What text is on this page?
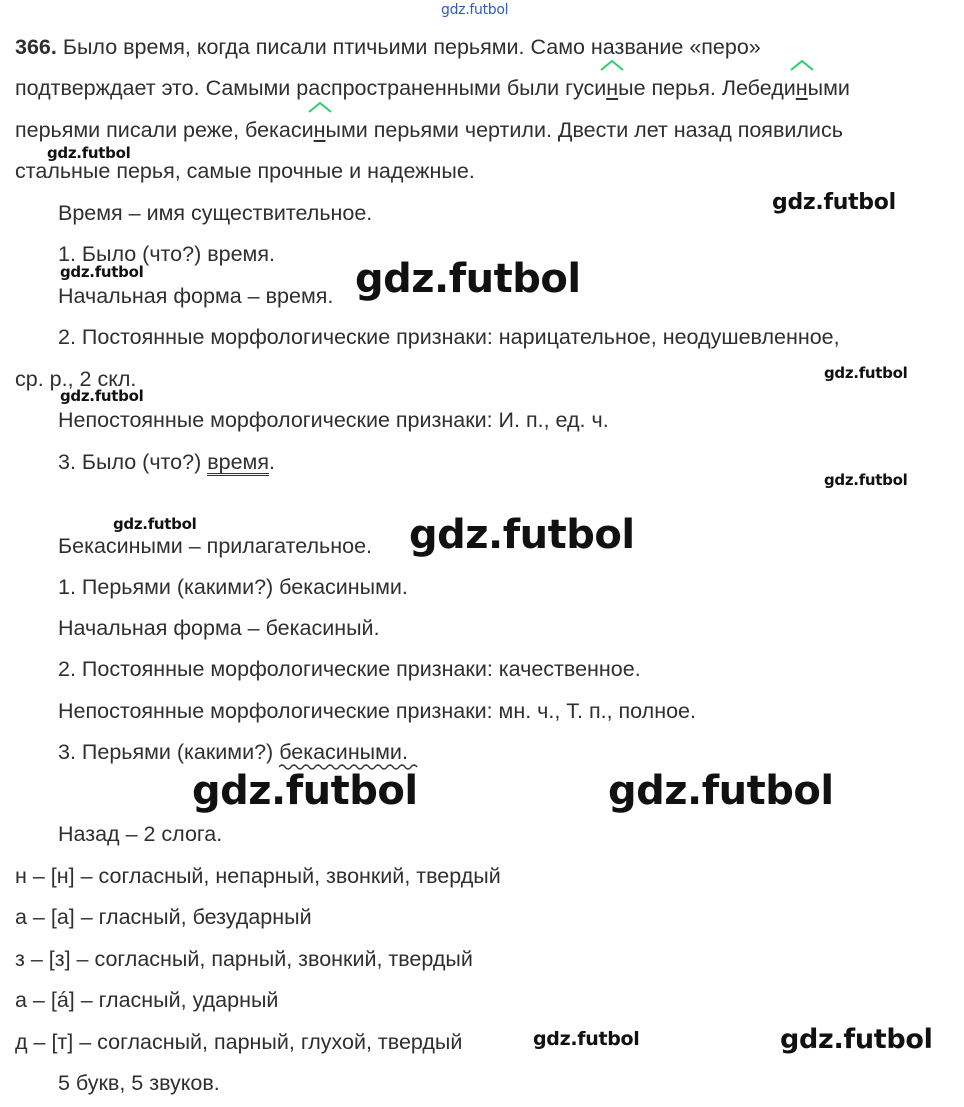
gdz.futbol
366. Было время, когда писали птичьими перьями. Само название «перо»
подтверждает это. Самыми распространенными были гуси
ные перья. Лебеди
ными
перьями писали реже, бекаси
ными перьями чертили. Двести лет назад появились
gdz.futbol
стальные перья, самые прочные и надежные.
Время – имя существительное.	gdz.futbol
1. Было (что?) время.
gdz.futbol
Начальная форма – время. gdz.futbol
2. Постоянные морфологические признаки: нарицательное, неодушевленное,
ср. р., 2 скл.	gdz.futbol
gdz.futbol
Непостоянные морфологические признаки: И. п., ед. ч.
3. Было (что?) время.
gdz.futbol
gdz.futbol
Бекасиными – прилагательное. gdz.futbol
1. Перьями (какими?) бекасиными.
Начальная форма – бекасиный.
2. Постоянные морфологические признаки: качественное.
Непостоянные морфологические признаки: мн. ч., Т. п., полное.
3. Перьями (какими?) бекасиными
.
gdz.futbol	gdz.futbol
Назад – 2 слога.
н – [н] – согласный, непарный, звонкий, твердый
а – [а] – гласный, безударный
з – [з] – согласный, парный, звонкий, твердый
а – [á] – гласный, ударный
д – [т] – согласный, парный, глухой, твердый	gdz.futbol	gdz.futbol
5 букв, 5 звуков.
